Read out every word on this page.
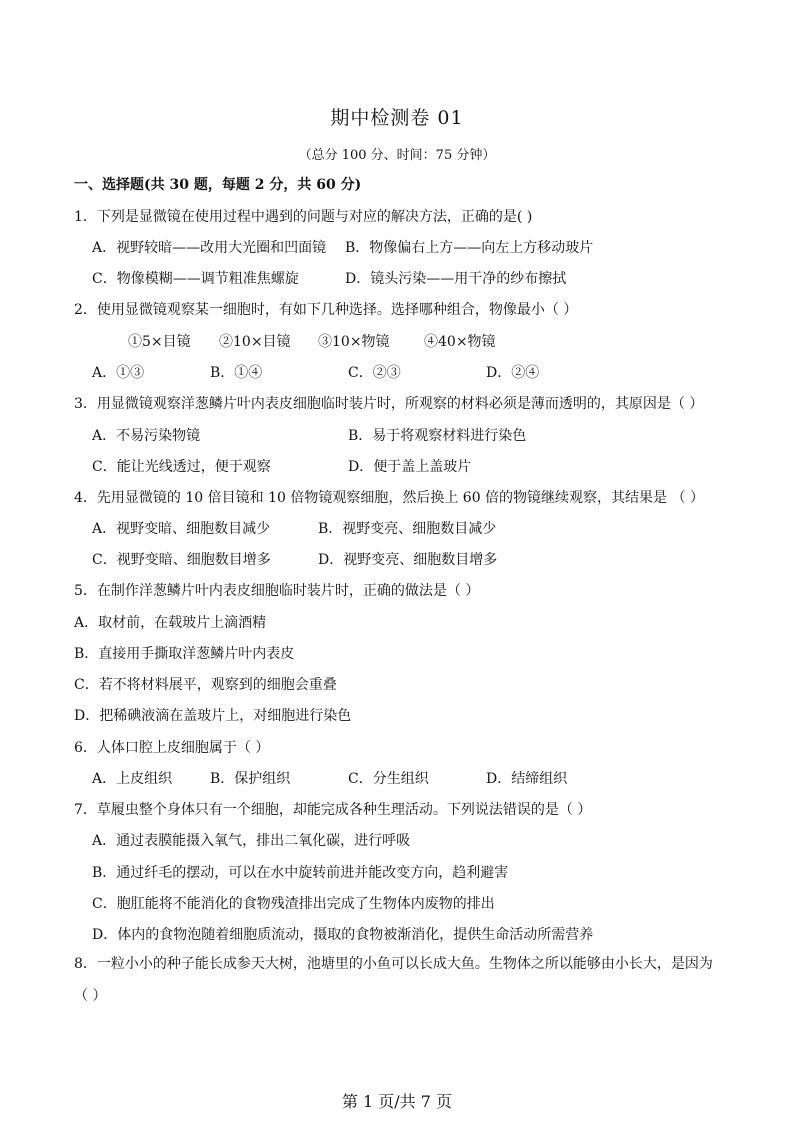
期中检测卷 01
（总分 100 分、时间：75 分钟）
一、选择题(共 30 题，每题 2 分，共 60 分)
1．下列是显微镜在使用过程中遇到的问题与对应的解决方法，正确的是( )
A．视野较暗——改用大光圈和凹面镜 B．物像偏右上方——向左上方移动玻片
C．物像模糊——调节粗准焦螺旋	D．镜头污染——用干净的纱布擦拭
2．使用显微镜观察某一细胞时，有如下几种选择。选择哪种组合，物像最小（ ）
①5×目镜 ②10×目镜 ③10×物镜 ④40×物镜
A．①③	B．①④	C．②③	D．②④
3．用显微镜观察洋葱鳞片叶内表皮细胞临时装片时，所观察的材料必须是薄而透明的，其原因是（ ）
A．不易污染物镜	B．易于将观察材料进行染色
C．能让光线透过，便于观察	D．便于盖上盖玻片
4．先用显微镜的 10 倍目镜和 10 倍物镜观察细胞，然后换上 60 倍的物镜继续观察，其结果是 （ ）
A．视野变暗、细胞数目减少	B．视野变亮、细胞数目减少
C．视野变暗、细胞数目增多	D．视野变亮、细胞数目增多
5．在制作洋葱鳞片叶内表皮细胞临时装片时，正确的做法是（ ）
A．取材前，在载玻片上滴酒精
B．直接用手撕取洋葱鳞片叶内表皮
C．若不将材料展平，观察到的细胞会重叠
D．把稀碘液滴在盖玻片上，对细胞进行染色
6．人体口腔上皮细胞属于（ ）
A．上皮组织	B．保护组织	C．分生组织	D．结缔组织
7．草履虫整个身体只有一个细胞，却能完成各种生理活动。下列说法错误的是（ ）
A．通过表膜能摄入氧气，排出二氧化碳，进行呼吸
B．通过纤毛的摆动，可以在水中旋转前进并能改变方向，趋利避害
C．胞肛能将不能消化的食物残渣排出完成了生物体内废物的排出
D．体内的食物泡随着细胞质流动，摄取的食物被渐消化，提供生命活动所需营养
8．一粒小小的种子能长成参天大树，池塘里的小鱼可以长成大鱼。生物体之所以能够由小长大，是因为（ ）
第 1 页/共 7 页
